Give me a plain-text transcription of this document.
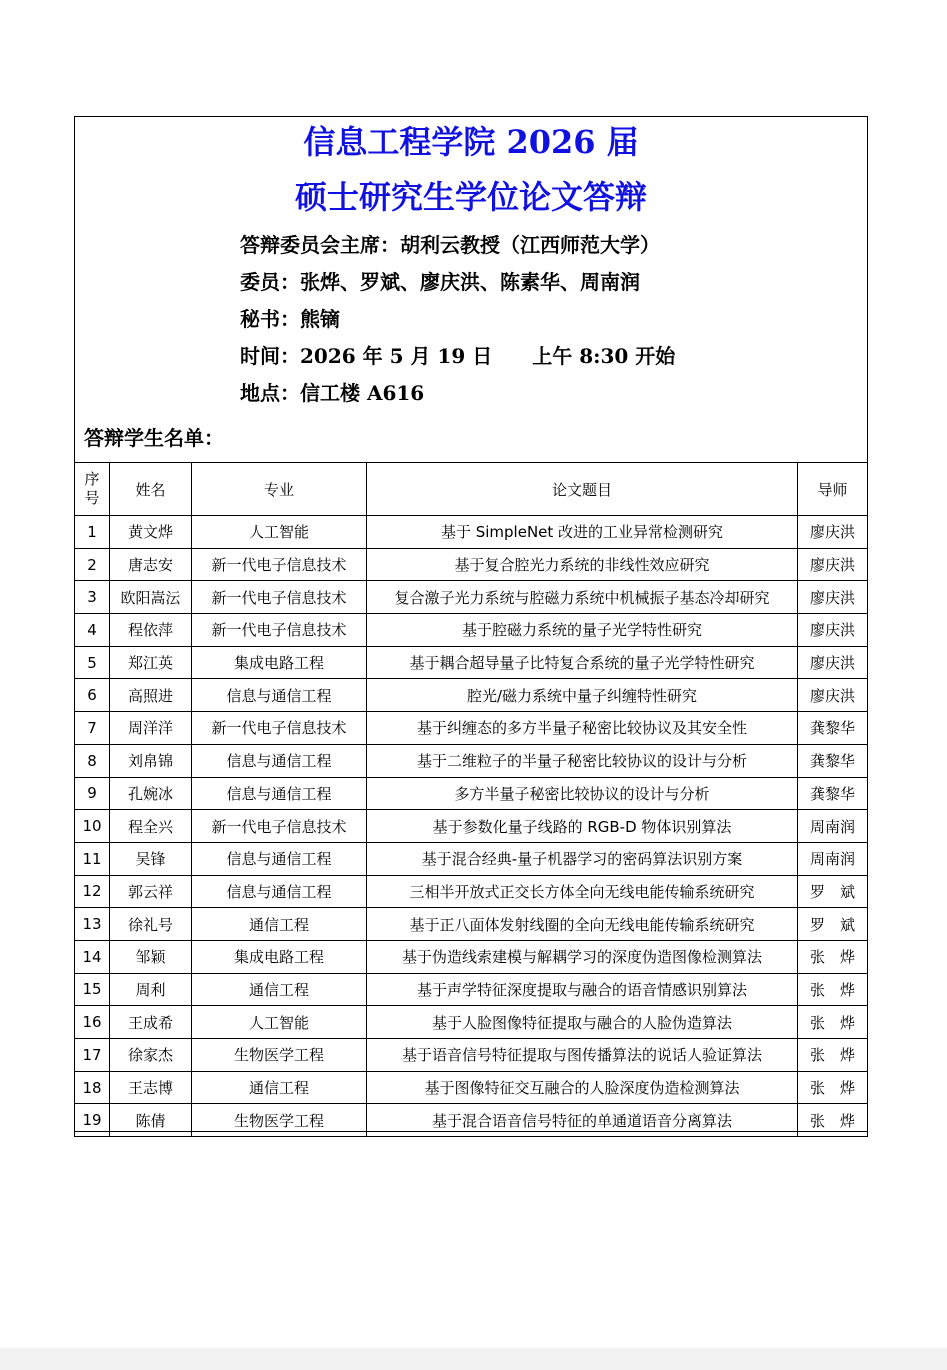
信息工程学院 2026 届
硕士研究生学位论文答辩
答辩委员会主席：胡利云教授（江西师范大学）
委员：张烨、罗斌、廖庆洪、陈素华、周南润
秘书：熊镝
时间：2026 年 5 月 19 日 上午 8:30 开始
地点：信工楼 A616
答辩学生名单：
序
号	姓名	专业	论文题目	导师
1	黄文烨	人工智能	基于 SimpleNet 改进的工业异常检测研究	廖庆洪
2	唐志安	新一代电子信息技术	基于复合腔光力系统的非线性效应研究	廖庆洪
3	欧阳嵩沄	新一代电子信息技术	复合激子光力系统与腔磁力系统中机械振子基态冷却研究	廖庆洪
4	程依萍	新一代电子信息技术	基于腔磁力系统的量子光学特性研究	廖庆洪
5	郑江英	集成电路工程	基于耦合超导量子比特复合系统的量子光学特性研究	廖庆洪
6	高照进	信息与通信工程	腔光/磁力系统中量子纠缠特性研究	廖庆洪
7	周洋洋	新一代电子信息技术	基于纠缠态的多方半量子秘密比较协议及其安全性	龚黎华
8	刘帛锦	信息与通信工程	基于二维粒子的半量子秘密比较协议的设计与分析	龚黎华
9	孔婉冰	信息与通信工程	多方半量子秘密比较协议的设计与分析	龚黎华
10	程全兴	新一代电子信息技术	基于参数化量子线路的 RGB-D 物体识别算法	周南润
11	吴锋	信息与通信工程	基于混合经典-量子机器学习的密码算法识别方案	周南润
12	郭云祥	信息与通信工程	三相半开放式正交长方体全向无线电能传输系统研究	罗　斌
13	徐礼号	通信工程	基于正八面体发射线圈的全向无线电能传输系统研究	罗　斌
14	邹颖	集成电路工程	基于伪造线索建模与解耦学习的深度伪造图像检测算法	张　烨
15	周利	通信工程	基于声学特征深度提取与融合的语音情感识别算法	张　烨
16	王成希	人工智能	基于人脸图像特征提取与融合的人脸伪造算法	张　烨
17	徐家杰	生物医学工程	基于语音信号特征提取与图传播算法的说话人验证算法	张　烨
18	王志博	通信工程	基于图像特征交互融合的人脸深度伪造检测算法	张　烨
19	陈倩	生物医学工程	基于混合语音信号特征的单通道语音分离算法	张　烨
